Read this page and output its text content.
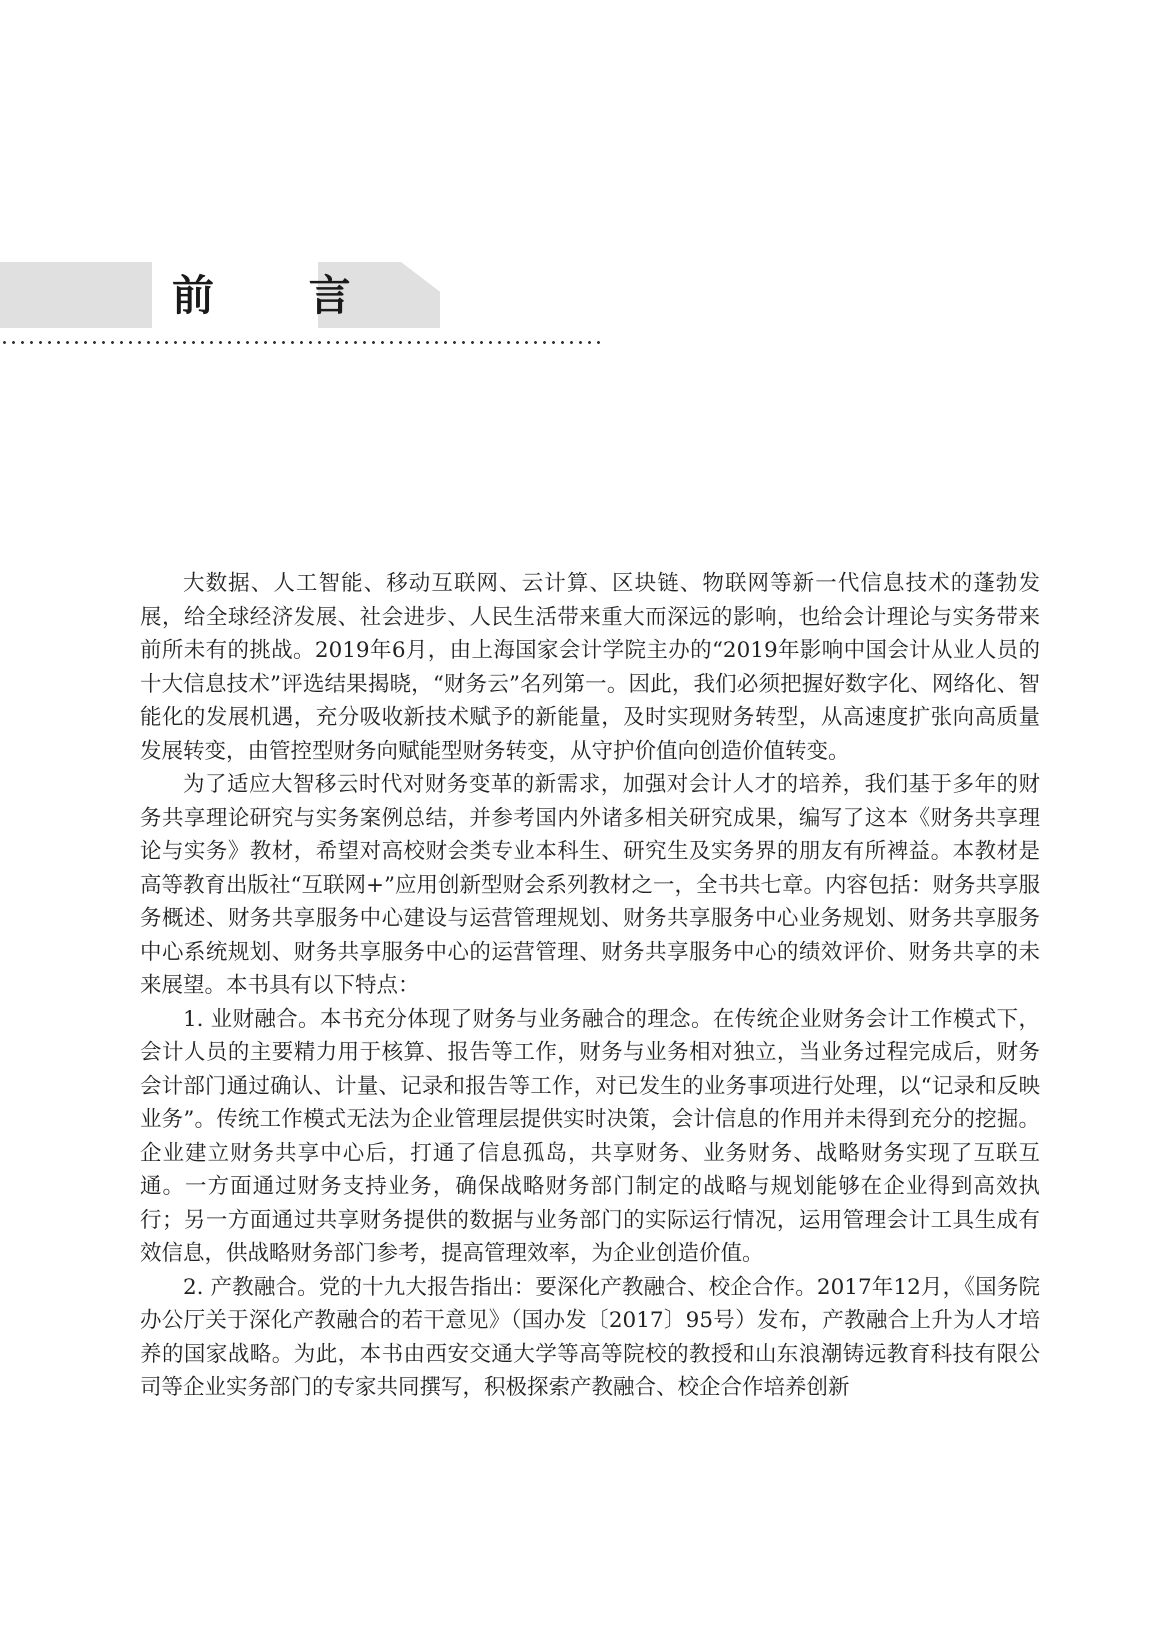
前 言

大数据、人工智能、移动互联网、云计算、区块链、物联网等新一代信息技术的蓬勃发展，给全球经济发展、社会进步、人民生活带来重大而深远的影响，也给会计理论与实务带来前所未有的挑战。2019年6月，由上海国家会计学院主办的“2019年影响中国会计从业人员的十大信息技术”评选结果揭晓，“财务云”名列第一。因此，我们必须把握好数字化、网络化、智能化的发展机遇，充分吸收新技术赋予的新能量，及时实现财务转型，从高速度扩张向高质量发展转变，由管控型财务向赋能型财务转变，从守护价值向创造价值转变。

为了适应大智移云时代对财务变革的新需求，加强对会计人才的培养，我们基于多年的财务共享理论研究与实务案例总结，并参考国内外诸多相关研究成果，编写了这本《财务共享理论与实务》教材，希望对高校财会类专业本科生、研究生及实务界的朋友有所裨益。本教材是高等教育出版社“互联网+”应用创新型财会系列教材之一，全书共七章。内容包括：财务共享服务概述、财务共享服务中心建设与运营管理规划、财务共享服务中心业务规划、财务共享服务中心系统规划、财务共享服务中心的运营管理、财务共享服务中心的绩效评价、财务共享的未来展望。本书具有以下特点：

1. 业财融合。本书充分体现了财务与业务融合的理念。在传统企业财务会计工作模式下，会计人员的主要精力用于核算、报告等工作，财务与业务相对独立，当业务过程完成后，财务会计部门通过确认、计量、记录和报告等工作，对已发生的业务事项进行处理，以“记录和反映业务”。传统工作模式无法为企业管理层提供实时决策，会计信息的作用并未得到充分的挖掘。企业建立财务共享中心后，打通了信息孤岛，共享财务、业务财务、战略财务实现了互联互通。一方面通过财务支持业务，确保战略财务部门制定的战略与规划能够在企业得到高效执行；另一方面通过共享财务提供的数据与业务部门的实际运行情况，运用管理会计工具生成有效信息，供战略财务部门参考，提高管理效率，为企业创造价值。

2. 产教融合。党的十九大报告指出：要深化产教融合、校企合作。2017年12月，《国务院办公厅关于深化产教融合的若干意见》（国办发〔2017〕95号）发布，产教融合上升为人才培养的国家战略。为此，本书由西安交通大学等高等院校的教授和山东浪潮铸远教育科技有限公司等企业实务部门的专家共同撰写，积极探索产教融合、校企合作培养创新
